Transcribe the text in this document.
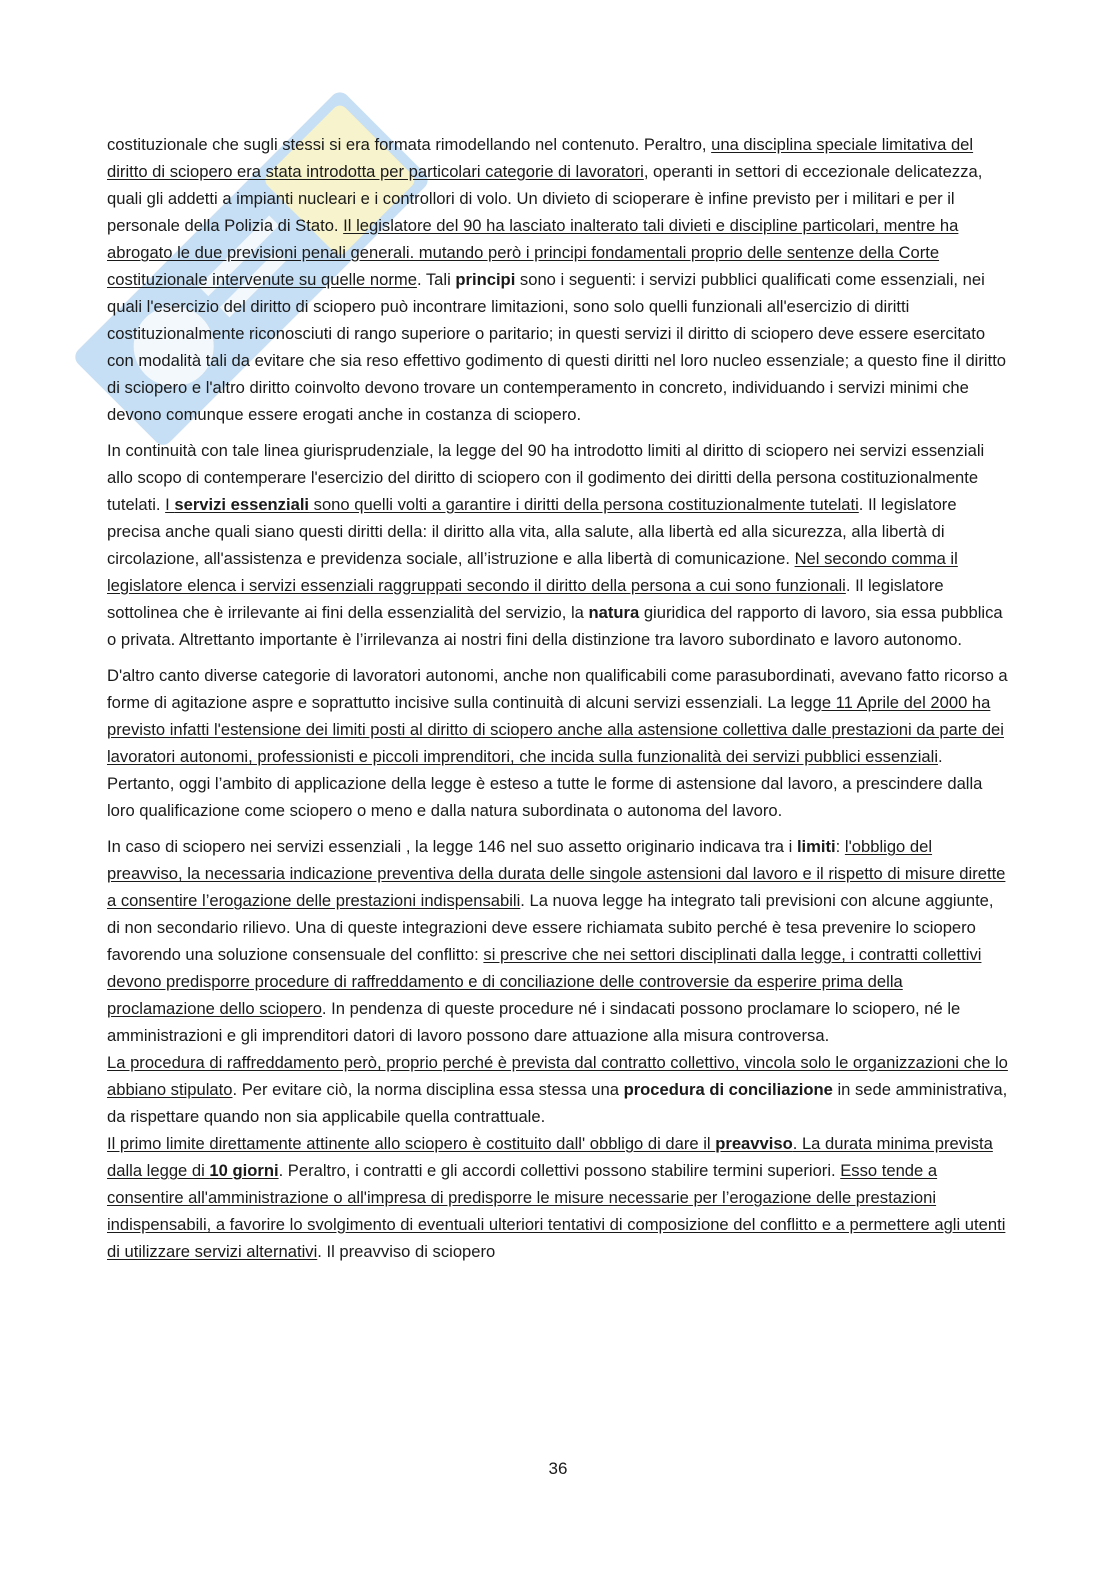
costituzionale che sugli stessi si era formata rimodellando nel contenuto. Peraltro, una disciplina speciale limitativa del diritto di sciopero era stata introdotta per particolari categorie di lavoratori, operanti in settori di eccezionale delicatezza, quali gli addetti a impianti nucleari e i controllori di volo. Un divieto di scioperare è infine previsto per i militari e per il personale della Polizia di Stato. Il legislatore del 90 ha lasciato inalterato tali divieti e discipline particolari, mentre ha abrogato le due previsioni penali generali. mutando però i principi fondamentali proprio delle sentenze della Corte costituzionale intervenute su quelle norme. Tali principi sono i seguenti: i servizi pubblici qualificati come essenziali, nei quali l'esercizio del diritto di sciopero può incontrare limitazioni, sono solo quelli funzionali all'esercizio di diritti costituzionalmente riconosciuti di rango superiore o paritario; in questi servizi il diritto di sciopero deve essere esercitato con modalità tali da evitare che sia reso effettivo godimento di questi diritti nel loro nucleo essenziale; a questo fine il diritto di sciopero e l'altro diritto coinvolto devono trovare un contemperamento in concreto, individuando i servizi minimi che devono comunque essere erogati anche in costanza di sciopero.

In continuità con tale linea giurisprudenziale, la legge del 90 ha introdotto limiti al diritto di sciopero nei servizi essenziali allo scopo di contemperare l'esercizio del diritto di sciopero con il godimento dei diritti della persona costituzionalmente tutelati. I servizi essenziali sono quelli volti a garantire i diritti della persona costituzionalmente tutelati. Il legislatore precisa anche quali siano questi diritti della: il diritto alla vita, alla salute, alla libertà ed alla sicurezza, alla libertà di circolazione, all'assistenza e previdenza sociale, all’istruzione e alla libertà di comunicazione. Nel secondo comma il legislatore elenca i servizi essenziali raggruppati secondo il diritto della persona a cui sono funzionali. Il legislatore sottolinea che è irrilevante ai fini della essenzialità del servizio, la natura giuridica del rapporto di lavoro, sia essa pubblica o privata. Altrettanto importante è l’irrilevanza ai nostri fini della distinzione tra lavoro subordinato e lavoro autonomo.

D'altro canto diverse categorie di lavoratori autonomi, anche non qualificabili come parasubordinati, avevano fatto ricorso a forme di agitazione aspre e soprattutto incisive sulla continuità di alcuni servizi essenziali. La legge 11 Aprile del 2000 ha previsto infatti l'estensione dei limiti posti al diritto di sciopero anche alla astensione collettiva dalle prestazioni da parte dei lavoratori autonomi, professionisti e piccoli imprenditori, che incida sulla funzionalità dei servizi pubblici essenziali. Pertanto, oggi l’ambito di applicazione della legge è esteso a tutte le forme di astensione dal lavoro, a prescindere dalla loro qualificazione come sciopero o meno e dalla natura subordinata o autonoma del lavoro.

In caso di sciopero nei servizi essenziali , la legge 146 nel suo assetto originario indicava tra i limiti: l'obbligo del preavviso, la necessaria indicazione preventiva della durata delle singole astensioni dal lavoro e il rispetto di misure dirette a consentire l’erogazione delle prestazioni indispensabili. La nuova legge ha integrato tali previsioni con alcune aggiunte, di non secondario rilievo. Una di queste integrazioni deve essere richiamata subito perché è tesa prevenire lo sciopero favorendo una soluzione consensuale del conflitto: si prescrive che nei settori disciplinati dalla legge, i contratti collettivi devono predisporre procedure di raffreddamento e di conciliazione delle controversie da esperire prima della proclamazione dello sciopero. In pendenza di queste procedure né i sindacati possono proclamare lo sciopero, né le amministrazioni e gli imprenditori datori di lavoro possono dare attuazione alla misura controversa.

La procedura di raffreddamento però, proprio perché è prevista dal contratto collettivo, vincola solo le organizzazioni che lo abbiano stipulato. Per evitare ciò, la norma disciplina essa stessa una procedura di conciliazione in sede amministrativa, da rispettare quando non sia applicabile quella contrattuale.

Il primo limite direttamente attinente allo sciopero è costituito dall' obbligo di dare il preavviso. La durata minima prevista dalla legge di 10 giorni. Peraltro, i contratti e gli accordi collettivi possono stabilire termini superiori. Esso tende a consentire all'amministrazione o all'impresa di predisporre le misure necessarie per l’erogazione delle prestazioni indispensabili, a favorire lo svolgimento di eventuali ulteriori tentativi di composizione del conflitto e a permettere agli utenti di utilizzare servizi alternativi. Il preavviso di sciopero

36
